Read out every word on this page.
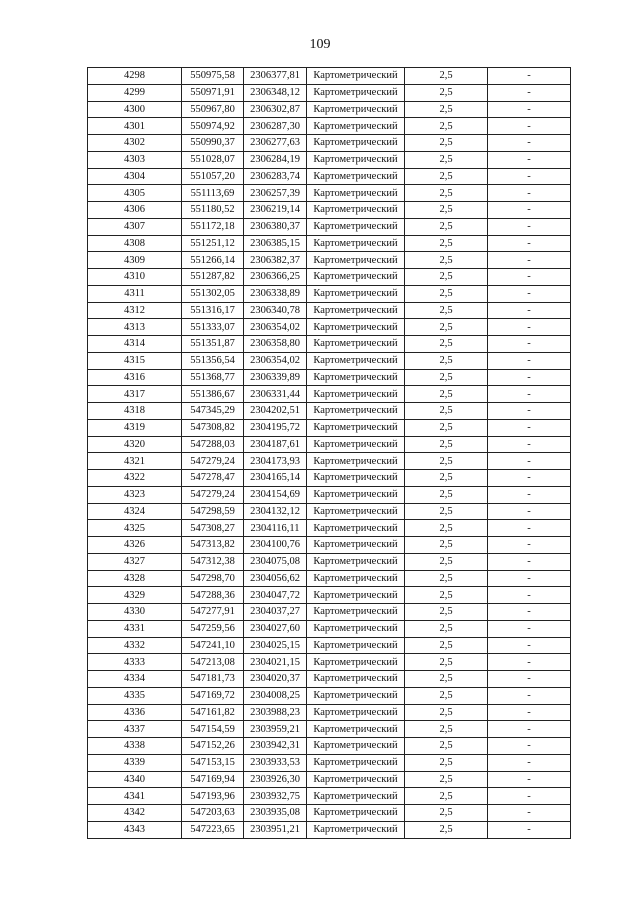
109
4298	550975,58	2306377,81	Картометрический	2,5	-
4299	550971,91	2306348,12	Картометрический	2,5	-
4300	550967,80	2306302,87	Картометрический	2,5	-
4301	550974,92	2306287,30	Картометрический	2,5	-
4302	550990,37	2306277,63	Картометрический	2,5	-
4303	551028,07	2306284,19	Картометрический	2,5	-
4304	551057,20	2306283,74	Картометрический	2,5	-
4305	551113,69	2306257,39	Картометрический	2,5	-
4306	551180,52	2306219,14	Картометрический	2,5	-
4307	551172,18	2306380,37	Картометрический	2,5	-
4308	551251,12	2306385,15	Картометрический	2,5	-
4309	551266,14	2306382,37	Картометрический	2,5	-
4310	551287,82	2306366,25	Картометрический	2,5	-
4311	551302,05	2306338,89	Картометрический	2,5	-
4312	551316,17	2306340,78	Картометрический	2,5	-
4313	551333,07	2306354,02	Картометрический	2,5	-
4314	551351,87	2306358,80	Картометрический	2,5	-
4315	551356,54	2306354,02	Картометрический	2,5	-
4316	551368,77	2306339,89	Картометрический	2,5	-
4317	551386,67	2306331,44	Картометрический	2,5	-
4318	547345,29	2304202,51	Картометрический	2,5	-
4319	547308,82	2304195,72	Картометрический	2,5	-
4320	547288,03	2304187,61	Картометрический	2,5	-
4321	547279,24	2304173,93	Картометрический	2,5	-
4322	547278,47	2304165,14	Картометрический	2,5	-
4323	547279,24	2304154,69	Картометрический	2,5	-
4324	547298,59	2304132,12	Картометрический	2,5	-
4325	547308,27	2304116,11	Картометрический	2,5	-
4326	547313,82	2304100,76	Картометрический	2,5	-
4327	547312,38	2304075,08	Картометрический	2,5	-
4328	547298,70	2304056,62	Картометрический	2,5	-
4329	547288,36	2304047,72	Картометрический	2,5	-
4330	547277,91	2304037,27	Картометрический	2,5	-
4331	547259,56	2304027,60	Картометрический	2,5	-
4332	547241,10	2304025,15	Картометрический	2,5	-
4333	547213,08	2304021,15	Картометрический	2,5	-
4334	547181,73	2304020,37	Картометрический	2,5	-
4335	547169,72	2304008,25	Картометрический	2,5	-
4336	547161,82	2303988,23	Картометрический	2,5	-
4337	547154,59	2303959,21	Картометрический	2,5	-
4338	547152,26	2303942,31	Картометрический	2,5	-
4339	547153,15	2303933,53	Картометрический	2,5	-
4340	547169,94	2303926,30	Картометрический	2,5	-
4341	547193,96	2303932,75	Картометрический	2,5	-
4342	547203,63	2303935,08	Картометрический	2,5	-
4343	547223,65	2303951,21	Картометрический	2,5	-
